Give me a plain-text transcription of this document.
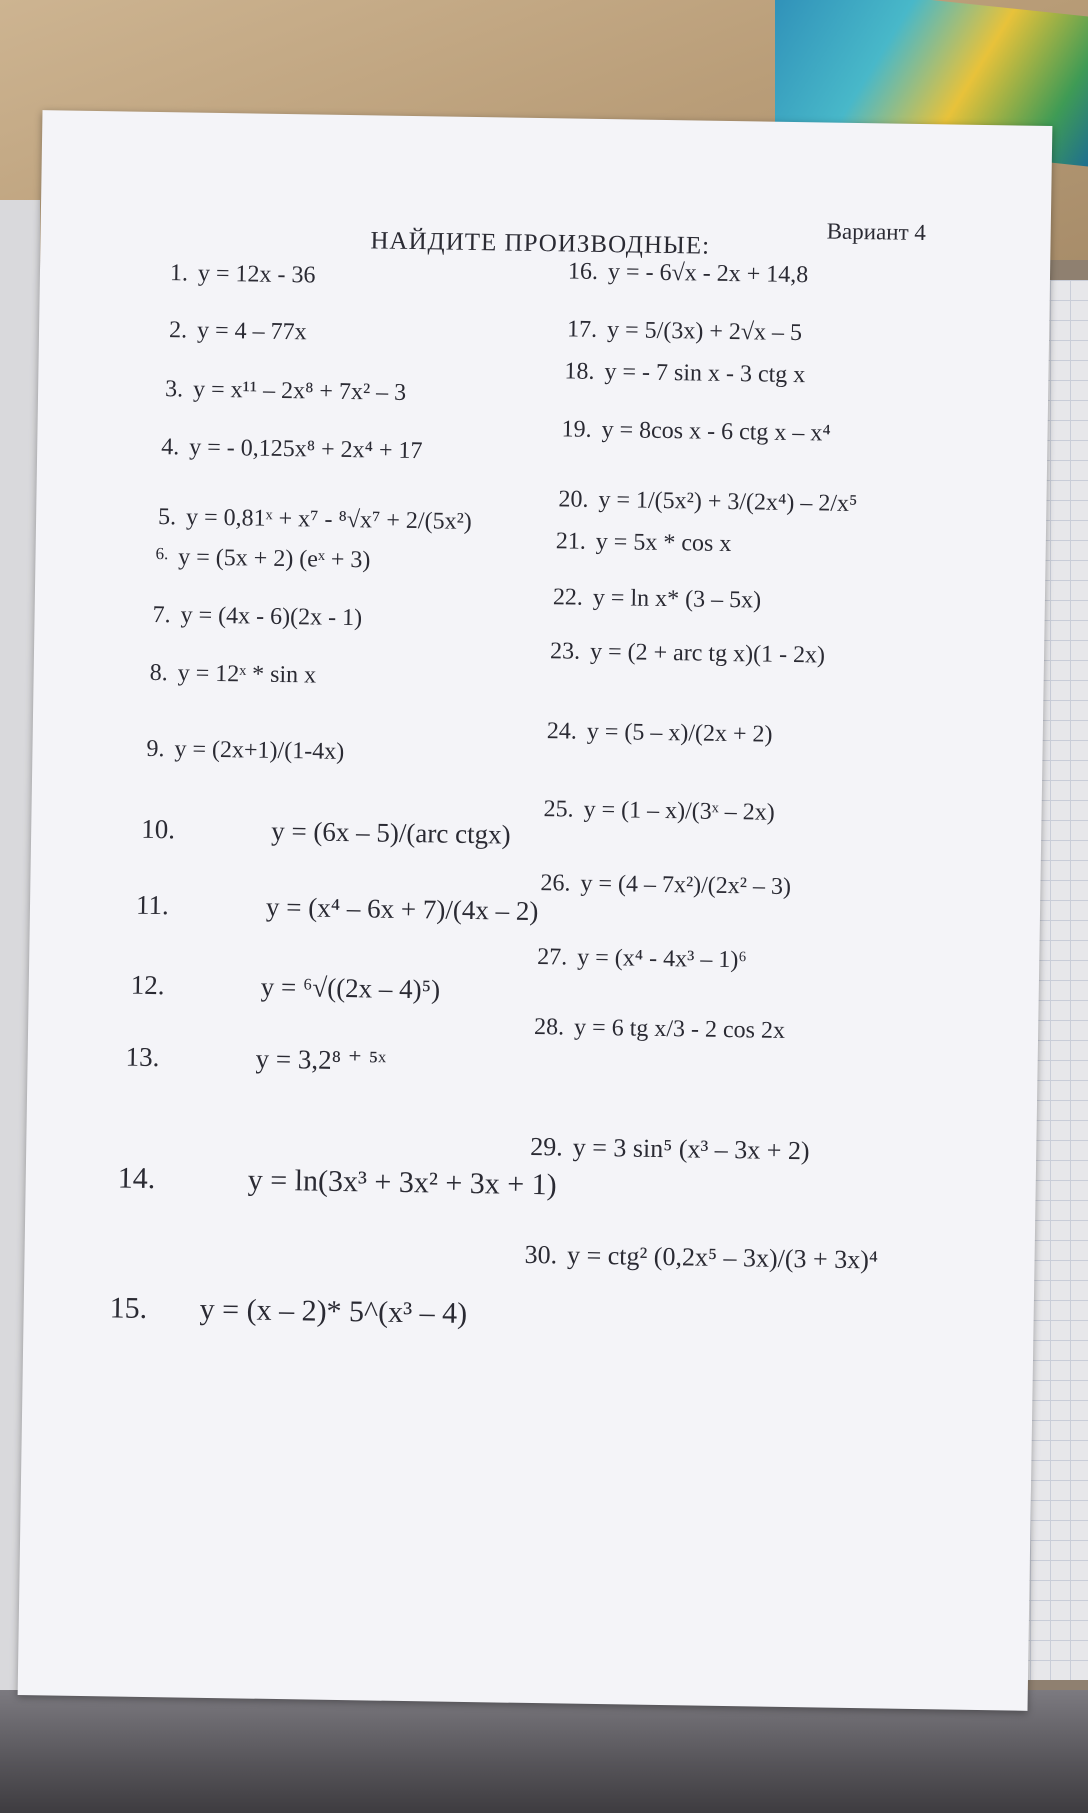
Вариант 4
НАЙДИТЕ ПРОИЗВОДНЫЕ:
1. y = 12x - 36
2. y = 4 – 77x
3. y = x¹¹ – 2x⁸ + 7x² – 3
4. y = - 0,125x⁸ + 2x⁴ + 17
5. y = 0,81ˣ + x⁷ - ⁸√x⁷ + 2/(5x²)
6. y = (5x + 2) (eˣ + 3)
7. y = (4x - 6)(2x - 1)
8. y = 12ˣ * sin x
9. y = (2x+1)/(1-4x)
10.	y = (6x – 5)/(arc ctgx)
11.	y = (x⁴ – 6x + 7)/(4x – 2)
12.	y = ⁶√((2x – 4)⁵)
13.	y = 3,2⁸ ⁺ ⁵ˣ
14.	y = ln(3x³ + 3x² + 3x + 1)
15. y = (x – 2)* 5^(x³ – 4)
16. y = - 6√x - 2x + 14,8
17. y = 5/(3x) + 2√x – 5
18. y = - 7 sin x - 3 ctg x
19. y = 8cos x - 6 ctg x – x⁴
20. y = 1/(5x²) + 3/(2x⁴) – 2/x⁵
21. y = 5x * cos x
22. y = ln x* (3 – 5x)
23. y = (2 + arc tg x)(1 - 2x)
24. y = (5 – x)/(2x + 2)
25. y = (1 – x)/(3ˣ – 2x)
26. y = (4 – 7x²)/(2x² – 3)
27. y = (x⁴ - 4x³ – 1)⁶
28. y = 6 tg x/3 - 2 cos 2x
29. y = 3 sin⁵ (x³ – 3x + 2)
30. y = ctg² (0,2x⁵ – 3x)/(3 + 3x)⁴
